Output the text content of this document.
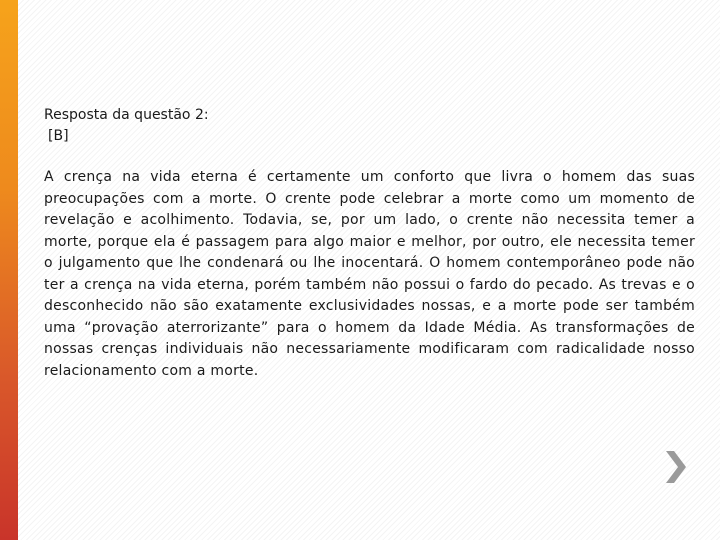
Resposta da questão 2:

[B]

A crença na vida eterna é certamente um conforto que livra o homem das suas preocupações com a morte. O crente pode celebrar a morte como um momento de revelação e acolhimento. Todavia, se, por um lado, o crente não necessita temer a morte, porque ela é passagem para algo maior e melhor, por outro, ele necessita temer o julgamento que lhe condenará ou lhe inocentará. O homem contemporâneo pode não ter a crença na vida eterna, porém também não possui o fardo do pecado. As trevas e o desconhecido não são exatamente exclusividades nossas, e a morte pode ser também uma “provação aterrorizante” para o homem da Idade Média. As transformações de nossas crenças individuais não necessariamente modificaram com radicalidade nosso relacionamento com a morte.
